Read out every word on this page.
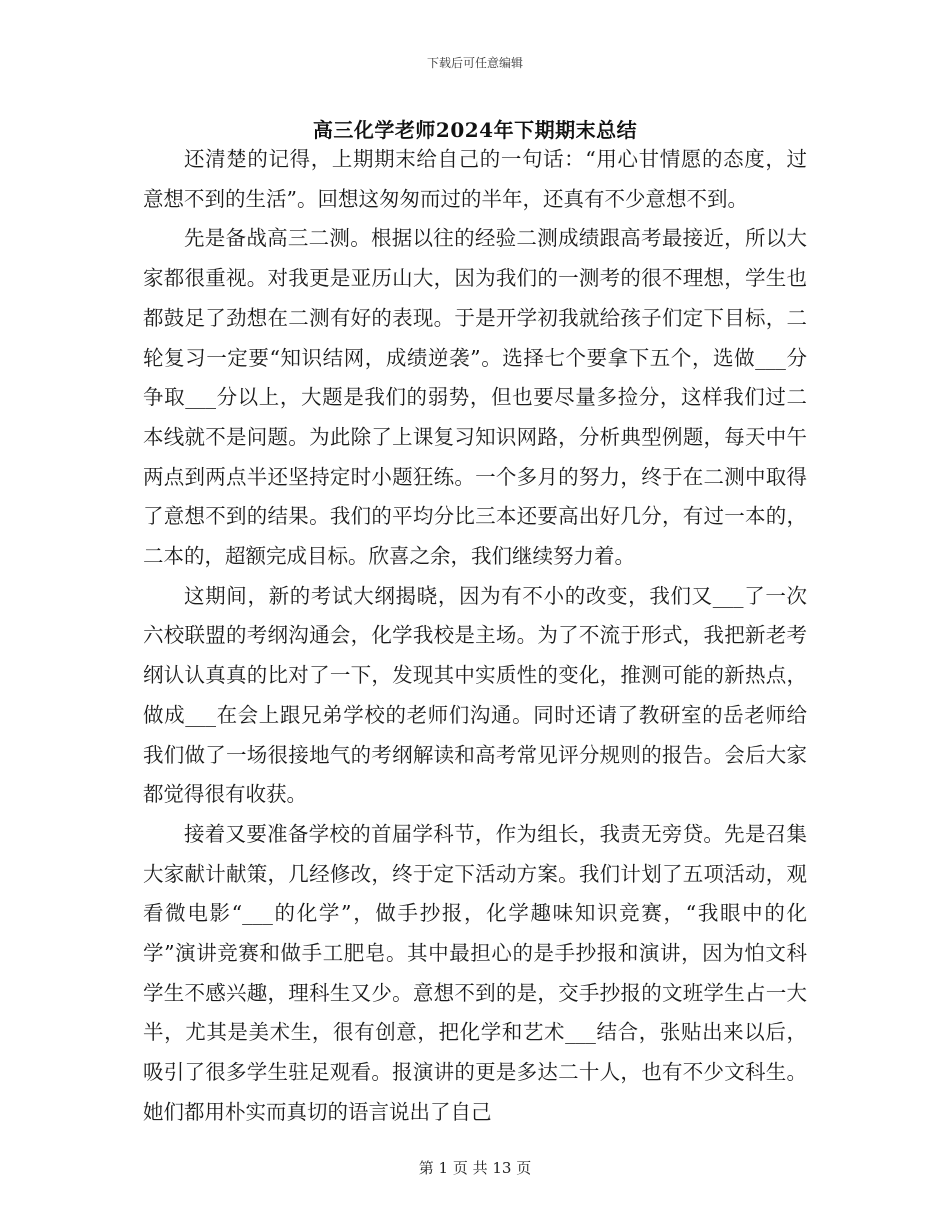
下载后可任意编辑
高三化学老师2024年下期期末总结

还清楚的记得，上期期末给自己的一句话：“用心甘情愿的态度，过意想不到的生活”。回想这匆匆而过的半年，还真有不少意想不到。

先是备战高三二测。根据以往的经验二测成绩跟高考最接近，所以大家都很重视。对我更是亚历山大，因为我们的一测考的很不理想，学生也都鼓足了劲想在二测有好的表现。于是开学初我就给孩子们定下目标，二轮复习一定要“知识结网，成绩逆袭”。选择七个要拿下五个，选做___分争取___分以上，大题是我们的弱势，但也要尽量多捡分，这样我们过二本线就不是问题。为此除了上课复习知识网路，分析典型例题，每天中午两点到两点半还坚持定时小题狂练。一个多月的努力，终于在二测中取得了意想不到的结果。我们的平均分比三本还要高出好几分，有过一本的，二本的，超额完成目标。欣喜之余，我们继续努力着。

这期间，新的考试大纲揭晓，因为有不小的改变，我们又___了一次六校联盟的考纲沟通会，化学我校是主场。为了不流于形式，我把新老考纲认认真真的比对了一下，发现其中实质性的变化，推测可能的新热点，做成___在会上跟兄弟学校的老师们沟通。同时还请了教研室的岳老师给我们做了一场很接地气的考纲解读和高考常见评分规则的报告。会后大家都觉得很有收获。

接着又要准备学校的首届学科节，作为组长，我责无旁贷。先是召集大家献计献策，几经修改，终于定下活动方案。我们计划了五项活动，观看微电影“___的化学”，做手抄报，化学趣味知识竞赛，“我眼中的化学”演讲竞赛和做手工肥皂。其中最担心的是手抄报和演讲，因为怕文科学生不感兴趣，理科生又少。意想不到的是，交手抄报的文班学生占一大半，尤其是美术生，很有创意，把化学和艺术___结合，张贴出来以后，吸引了很多学生驻足观看。报演讲的更是多达二十人，也有不少文科生。她们都用朴实而真切的语言说出了自己

第 1 页 共 13 页
